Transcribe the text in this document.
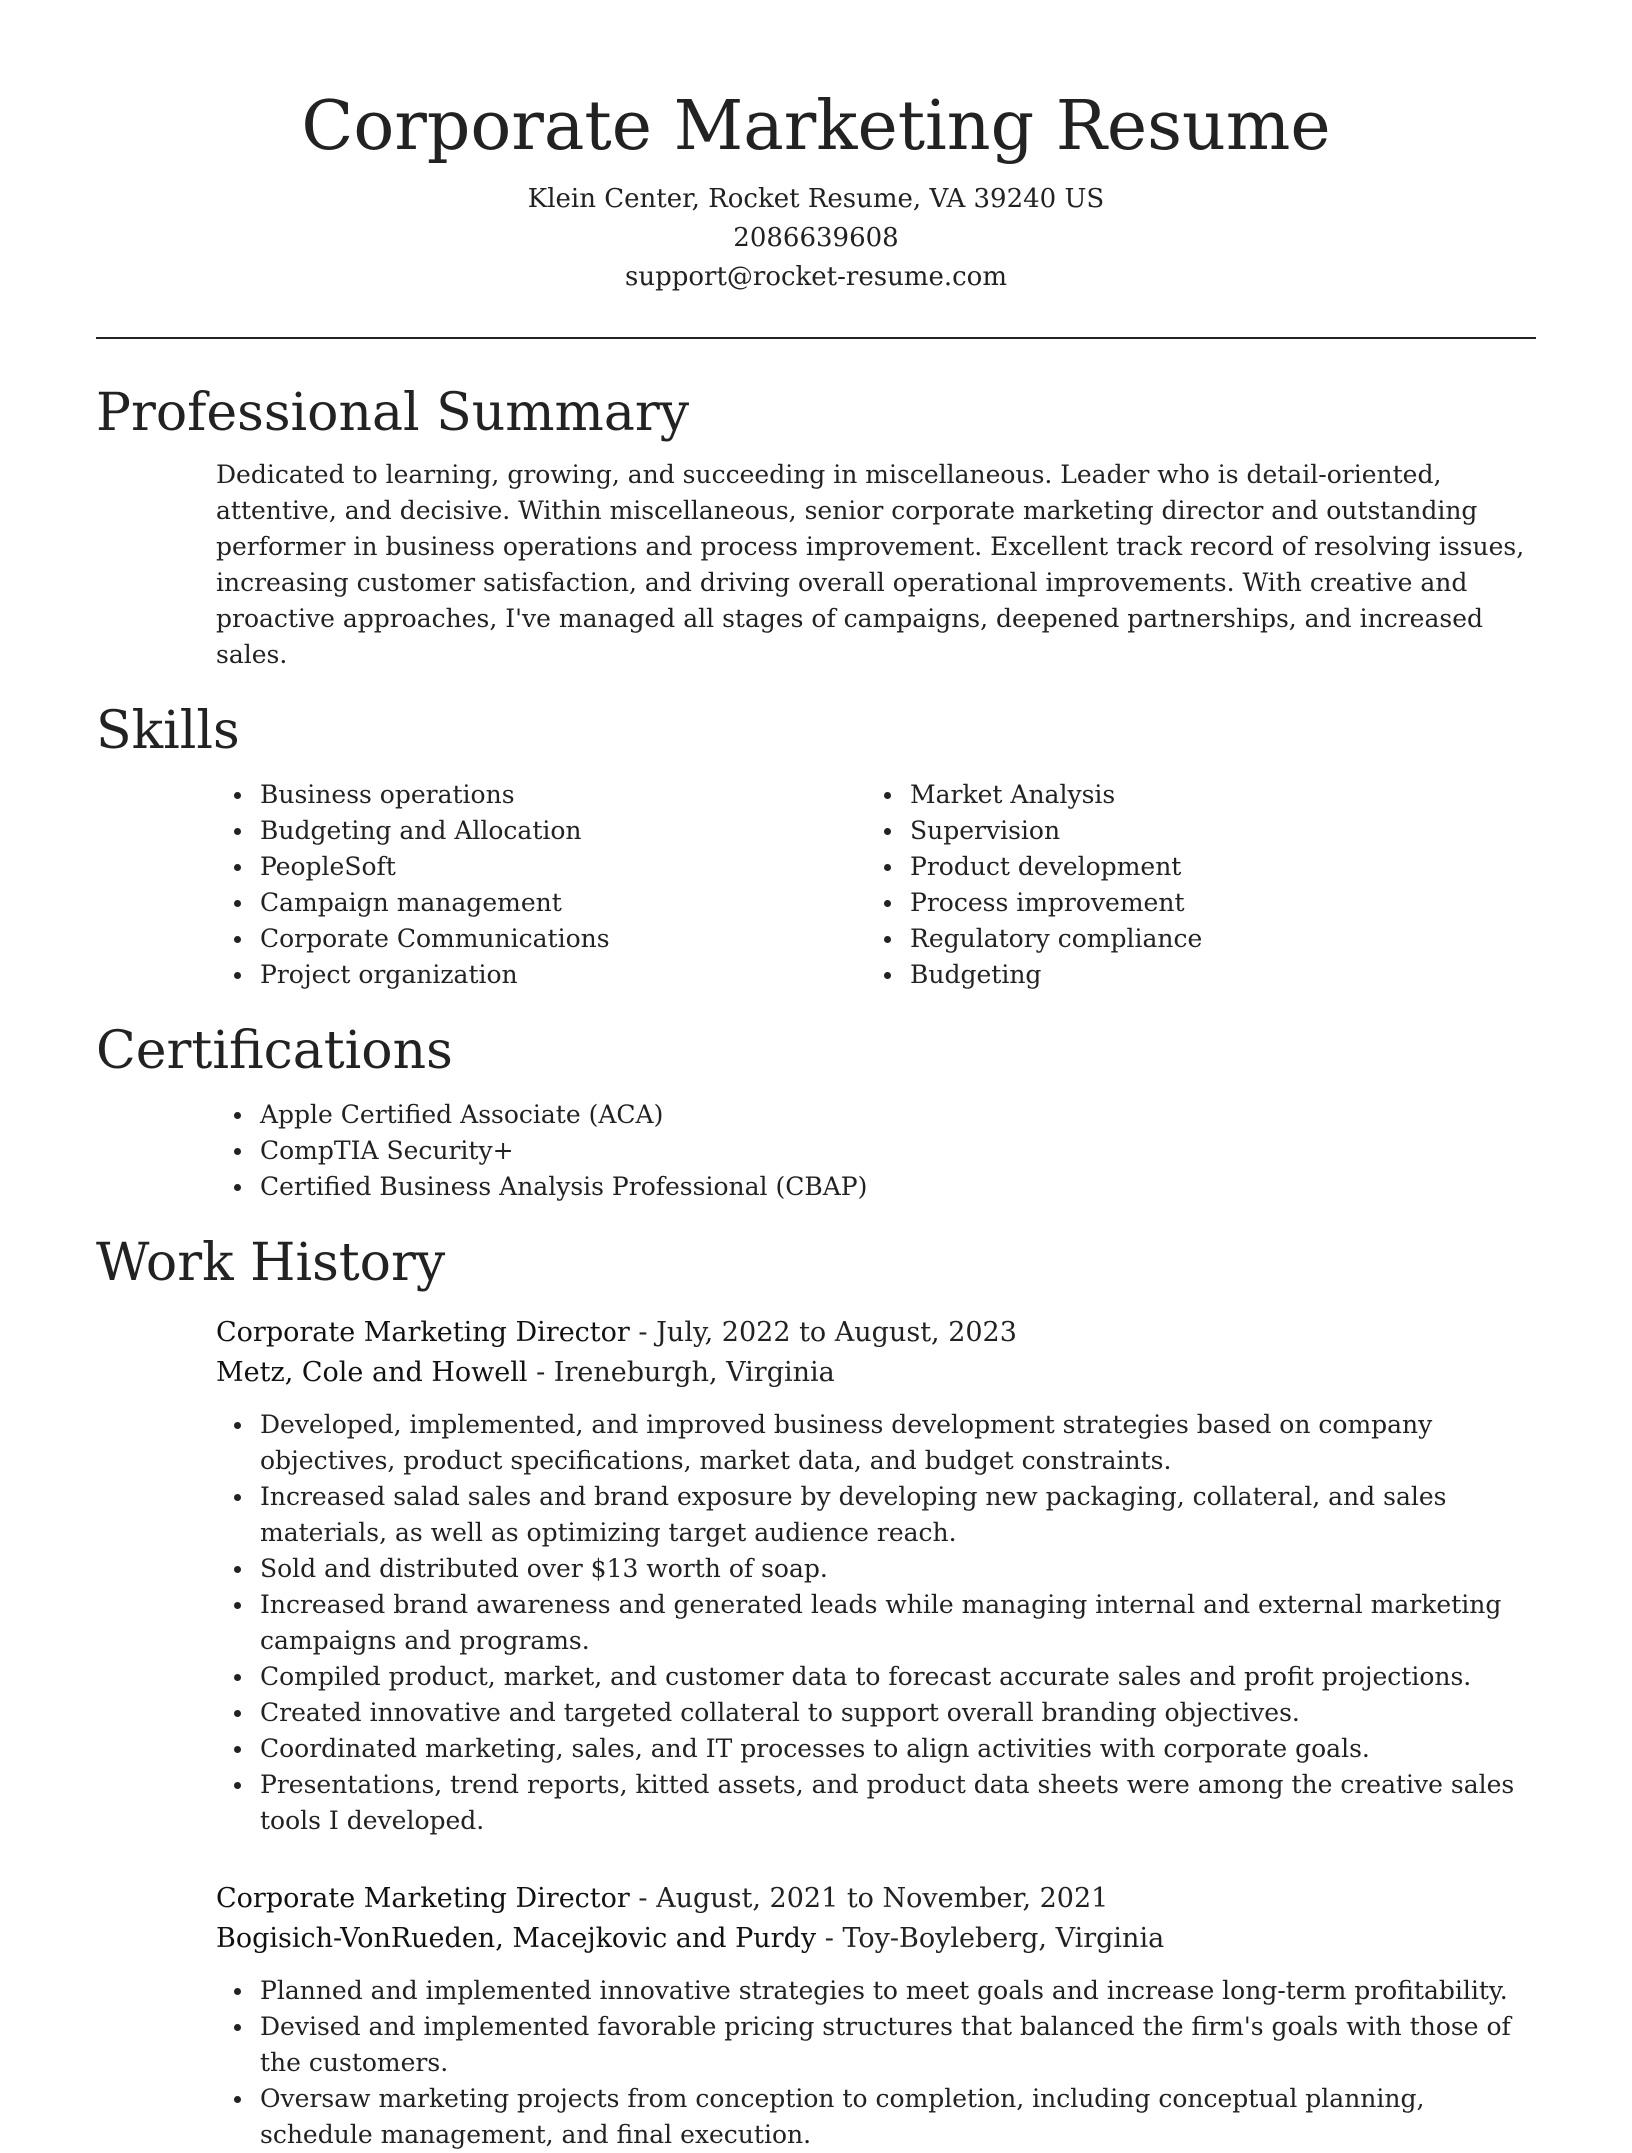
Corporate Marketing Resume

Klein Center, Rocket Resume, VA 39240 US

2086639608

support@rocket-resume.com

Professional Summary

Dedicated to learning, growing, and succeeding in miscellaneous. Leader who is detail-oriented, attentive, and decisive. Within miscellaneous, senior corporate marketing director and outstanding performer in business operations and process improvement. Excellent track record of resolving issues, increasing customer satisfaction, and driving overall operational improvements. With creative and proactive approaches, I've managed all stages of campaigns, deepened partnerships, and increased sales.

Skills
Business operations
Budgeting and Allocation
PeopleSoft
Campaign management
Corporate Communications
Project organization
Market Analysis
Supervision
Product development
Process improvement
Regulatory compliance
Budgeting
Certifications
Apple Certified Associate (ACA)
CompTIA Security+
Certified Business Analysis Professional (CBAP)
Work History

Corporate Marketing Director - July, 2022 to August, 2023

Metz, Cole and Howell - Ireneburgh, Virginia

Developed, implemented, and improved business development strategies based on company objectives, product specifications, market data, and budget constraints.
Increased salad sales and brand exposure by developing new packaging, collateral, and sales materials, as well as optimizing target audience reach.
Sold and distributed over $13 worth of soap.
Increased brand awareness and generated leads while managing internal and external marketing campaigns and programs.
Compiled product, market, and customer data to forecast accurate sales and profit projections.
Created innovative and targeted collateral to support overall branding objectives.
Coordinated marketing, sales, and IT processes to align activities with corporate goals.
Presentations, trend reports, kitted assets, and product data sheets were among the creative sales tools I developed.

Corporate Marketing Director - August, 2021 to November, 2021

Bogisich-VonRueden, Macejkovic and Purdy - Toy-Boyleberg, Virginia

Planned and implemented innovative strategies to meet goals and increase long-term profitability.
Devised and implemented favorable pricing structures that balanced the firm's goals with those of the customers.
Oversaw marketing projects from conception to completion, including conceptual planning, schedule management, and final execution.
